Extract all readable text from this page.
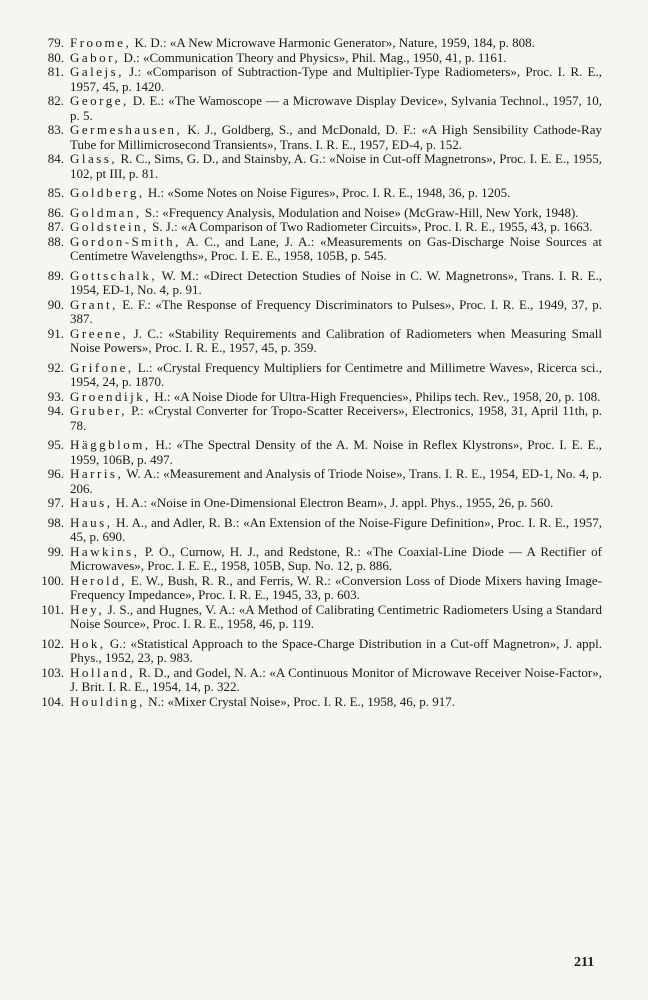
79. Froome, K. D.: «A New Microwave Harmonic Generator», Nature, 1959, 184, p. 808.
80. Gabor, D.: «Communication Theory and Physics», Phil. Mag., 1950, 41, p. 1161.
81. Galejs, J.: «Comparison of Subtraction-Type and Multiplier-Type Radiometers», Proc. I. R. E., 1957, 45, p. 1420.
82. George, D. E.: «The Wamoscope — a Microwave Display Device», Sylvania Technol., 1957, 10, p. 5.
83. Germeshausen, K. J., Goldberg, S., and McDonald, D. F.: «A High Sensibility Cathode-Ray Tube for Millimicrosecond Transients», Trans. I. R. E., 1957, ED-4, p. 152.
84. Glass, R. C., Sims, G. D., and Stainsby, A. G.: «Noise in Cut-off Magnetrons», Proc. I. E. E., 1955, 102, pt III, p. 81.
85. Goldberg, H.: «Some Notes on Noise Figures», Proc. I. R. E., 1948, 36, p. 1205.
86. Goldman, S.: «Frequency Analysis, Modulation and Noise» (McGraw-Hill, New York, 1948).
87. Goldstein, S. J.: «A Comparison of Two Radiometer Circuits», Proc. I. R. E., 1955, 43, p. 1663.
88. Gordon-Smith, A. C., and Lane, J. A.: «Measurements on Gas-Discharge Noise Sources at Centimetre Wavelengths», Proc. I. E. E., 1958, 105B, p. 545.
89. Gottschalk, W. M.: «Direct Detection Studies of Noise in C. W. Magnetrons», Trans. I. R. E., 1954, ED-1, No. 4, p. 91.
90. Grant, E. F.: «The Response of Frequency Discriminators to Pulses», Proc. I. R. E., 1949, 37, p. 387.
91. Greene, J. C.: «Stability Requirements and Calibration of Radiometers when Measuring Small Noise Powers», Proc. I. R. E., 1957, 45, p. 359.
92. Grifone, L.: «Crystal Frequency Multipliers for Centimetre and Millimetre Waves», Ricerca sci., 1954, 24, p. 1870.
93. Groendijk, H.: «A Noise Diode for Ultra-High Frequencies», Philips tech. Rev., 1958, 20, p. 108.
94. Gruber, P.: «Crystal Converter for Tropo-Scatter Receivers», Electronics, 1958, 31, April 11th, p. 78.
95. Häggblom, H.: «The Spectral Density of the A. M. Noise in Reflex Klystrons», Proc. I. E. E., 1959, 106B, p. 497.
96. Harris, W. A.: «Measurement and Analysis of Triode Noise», Trans. I. R. E., 1954, ED-1, No. 4, p. 206.
97. Haus, H. A.: «Noise in One-Dimensional Electron Beam», J. appl. Phys., 1955, 26, p. 560.
98. Haus, H. A., and Adler, R. B.: «An Extension of the Noise-Figure Definition», Proc. I. R. E., 1957, 45, p. 690.
99. Hawkins, P. O., Curnow, H. J., and Redstone, R.: «The Coaxial-Line Diode — A Rectifier of Microwaves», Proc. I. E. E., 1958, 105B, Sup. No. 12, p. 886.
100. Herold, E. W., Bush, R. R., and Ferris, W. R.: «Conversion Loss of Diode Mixers having Image-Frequency Impedance», Proc. I. R. E., 1945, 33, p. 603.
101. Hey, J. S., and Hugnes, V. A.: «A Method of Calibrating Centimetric Radiometers Using a Standard Noise Source», Proc. I. R. E., 1958, 46, p. 119.
102. Hok, G.: «Statistical Approach to the Space-Charge Distribution in a Cut-off Magnetron», J. appl. Phys., 1952, 23, p. 983.
103. Holland, R. D., and Godel, N. A.: «A Continuous Monitor of Microwave Receiver Noise-Factor», J. Brit. I. R. E., 1954, 14, p. 322.
104. Houlding, N.: «Mixer Crystal Noise», Proc. I. R. E., 1958, 46, p. 917.
211
